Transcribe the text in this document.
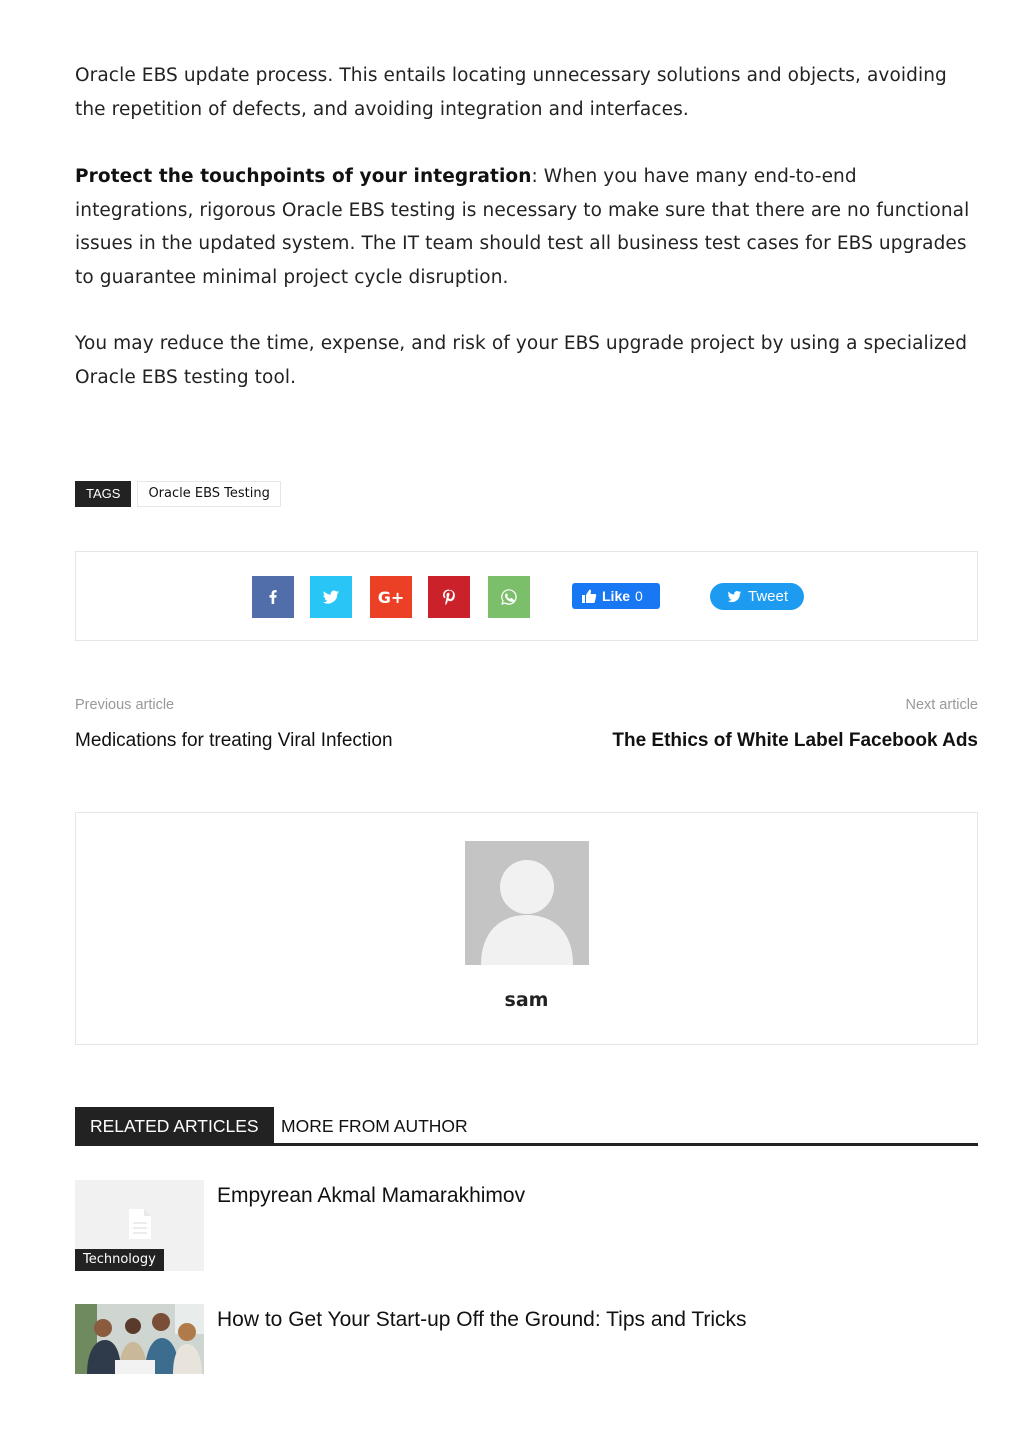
Oracle EBS update process. This entails locating unnecessary solutions and objects, avoiding the repetition of defects, and avoiding integration and interfaces.

Protect the touchpoints of your integration: When you have many end-to-end integrations, rigorous Oracle EBS testing is necessary to make sure that there are no functional issues in the updated system. The IT team should test all business test cases for EBS upgrades to guarantee minimal project cycle disruption.

You may reduce the time, expense, and risk of your EBS upgrade project by using a specialized Oracle EBS testing tool.

TAGS	Oracle EBS Testing
G+	Like 0	Tweet
Previous article	Next article
Medications for treating Viral Infection	The Ethics of White Label Facebook Ads
sam
RELATED ARTICLES	MORE FROM AUTHOR
Technology
Empyrean Akmal Mamarakhimov
How to Get Your Start-up Off the Ground: Tips and Tricks
